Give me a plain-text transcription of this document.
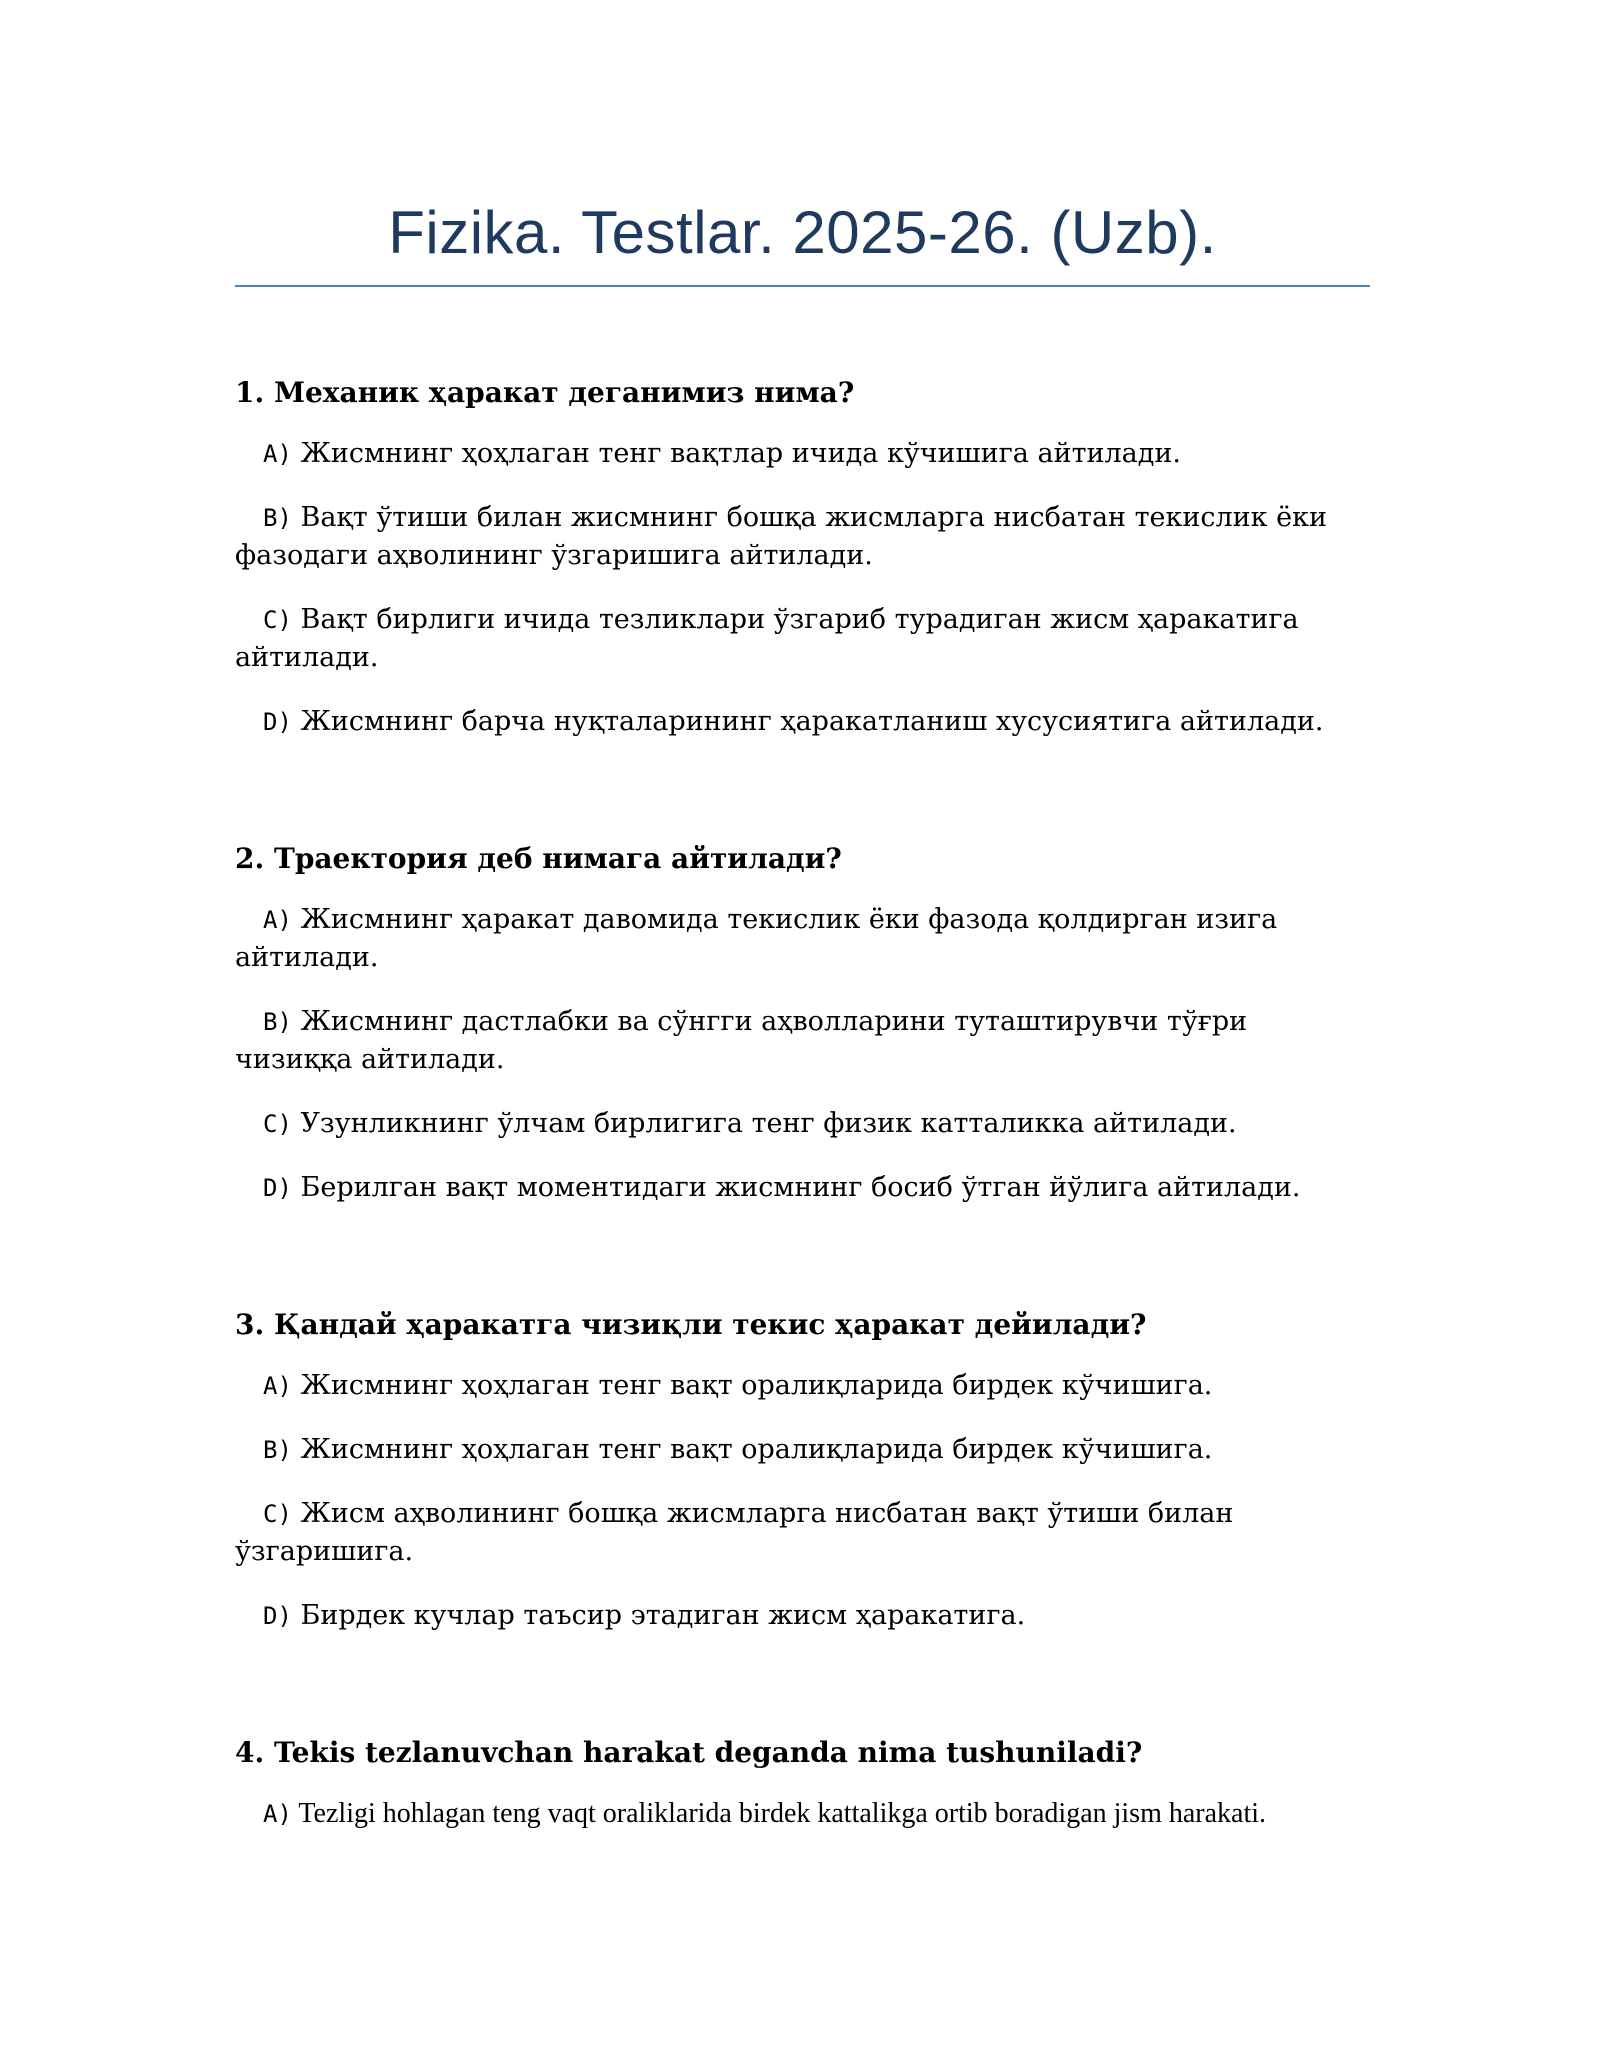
Fizika. Testlar. 2025-26. (Uzb).
1. Механик ҳаракат деганимиз нима?
A) Жисмнинг ҳоҳлаган тенг вақтлар ичида кўчишига айтилади.
B) Вақт ўтиши билан жисмнинг бошқа жисмларга нисбатан текислик ёки фазодаги аҳволининг ўзгаришига айтилади.
C) Вақт бирлиги ичида тезликлари ўзгариб турадиган жисм ҳаракатига айтилади.
D) Жисмнинг барча нуқталарининг ҳаракатланиш хусусиятига айтилади.
2. Траектория деб нимага айтилади?
A) Жисмнинг ҳаракат давомида текислик ёки фазода қолдирган изига айтилади.
B) Жисмнинг дастлабки ва сўнгги аҳволларини туташтирувчи тўғри чизиққа айтилади.
C) Узунликнинг ўлчам бирлигига тенг физик катталикка айтилади.
D) Берилган вақт моментидаги жисмнинг босиб ўтган йўлига айтилади.
3. Қандай ҳаракатга чизиқли текис ҳаракат дейилади?
A) Жисмнинг ҳоҳлаган тенг вақт оралиқларида бирдек кўчишига.
B) Жисмнинг ҳоҳлаган тенг вақт оралиқларида бирдек кўчишига.
C) Жисм аҳволининг бошқа жисмларга нисбатан вақт ўтиши билан ўзгаришига.
D) Бирдек кучлар таъсир этадиган жисм ҳаракатига.
4. Tekis tezlanuvchan harakat deganda nima tushuniladi?
A) Tezligi hohlagan teng vaqt oraliklarida birdek kattalikga ortib boradigan jism harakati.
